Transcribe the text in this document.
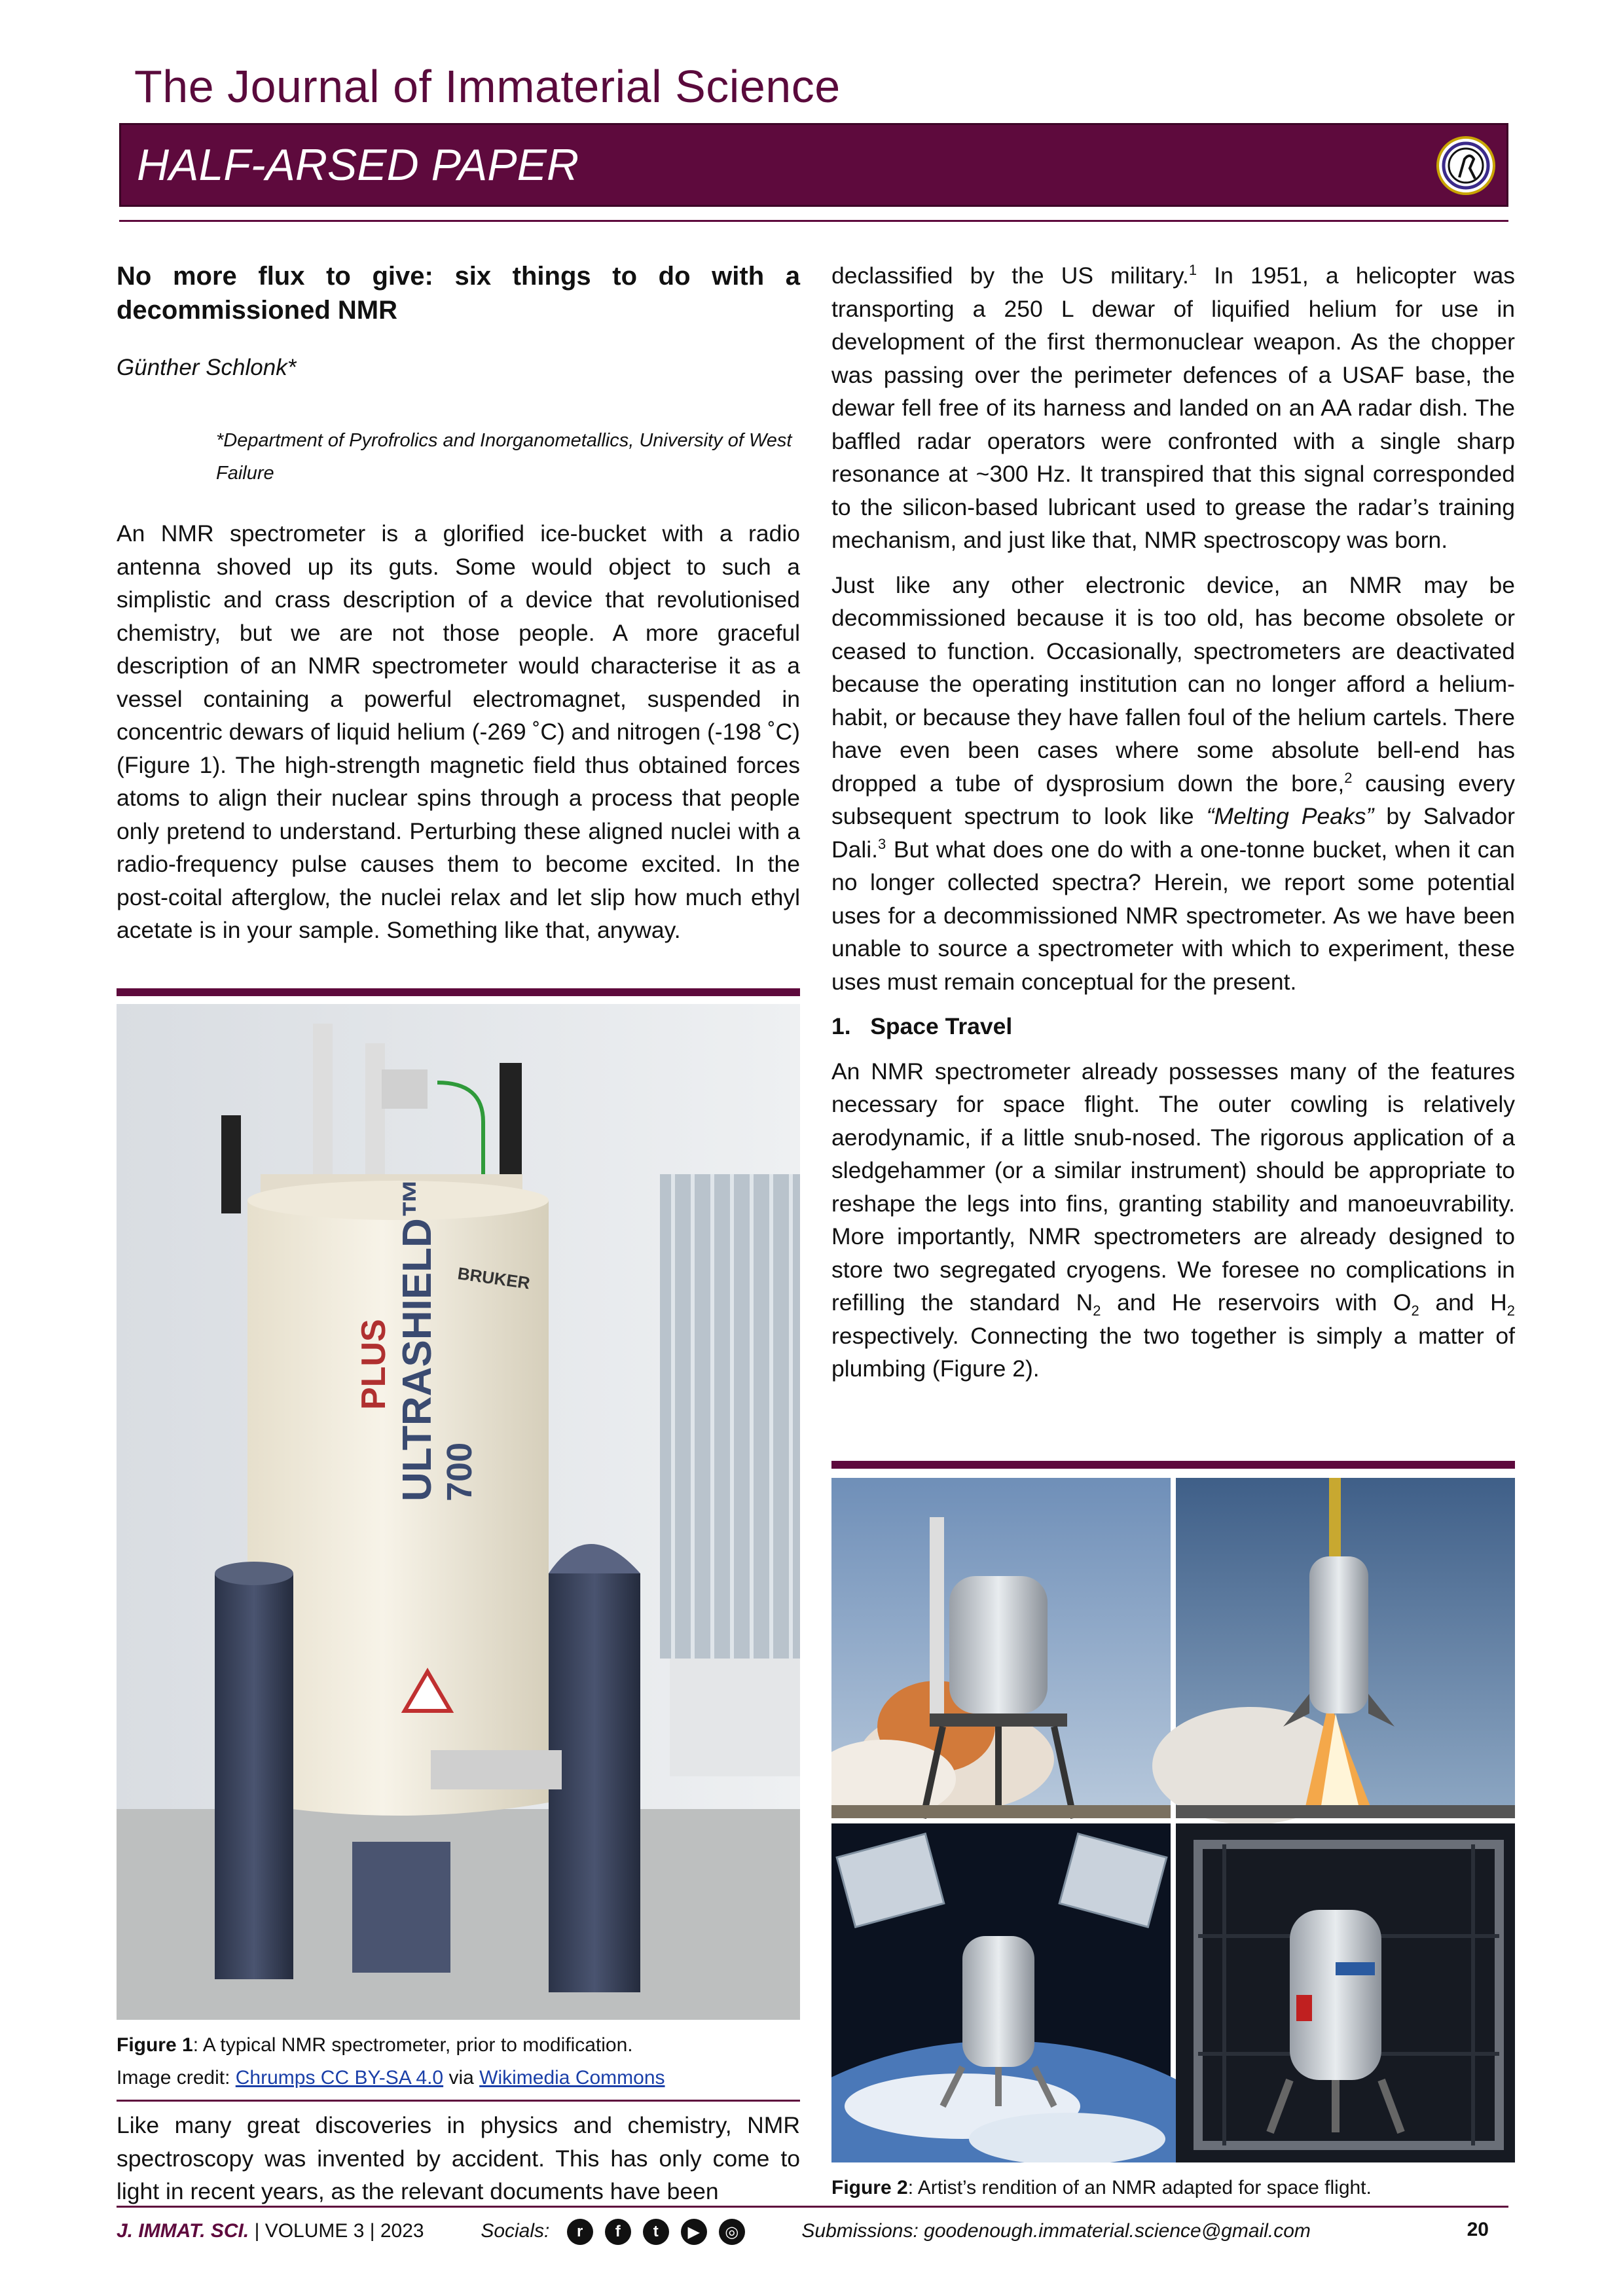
The Journal of Immaterial Science
HALF-ARSED PAPER
No more flux to give: six things to do with a decommissioned NMR
Günther Schlonk*
*Department of Pyrofrolics and Inorganometallics, University of West Failure

An NMR spectrometer is a glorified ice-bucket with a radio antenna shoved up its guts. Some would object to such a simplistic and crass description of a device that revolutionised chemistry, but we are not those people. A more graceful description of an NMR spectrometer would characterise it as a vessel containing a powerful electromagnet, suspended in concentric dewars of liquid helium (-269 ˚C) and nitrogen (-198 ˚C) (Figure 1). The high-strength magnetic field thus obtained forces atoms to align their nuclear spins through a process that people only pretend to understand. Perturbing these aligned nuclei with a radio-frequency pulse causes them to become excited. In the post-coital afterglow, the nuclei relax and let slip how much ethyl acetate is in your sample. Something like that, anyway.

ULTRASHIELD™ 700
PLUS
BRUKER
Figure 1: A typical NMR spectrometer, prior to modification.
Image credit: Chrumps CC BY-SA 4.0 via Wikimedia Commons

Like many great discoveries in physics and chemistry, NMR spectroscopy was invented by accident. This has only come to light in recent years, as the relevant documents have been

declassified by the US military.$^1$ In 1951, a helicopter was transporting a 250 L dewar of liquified helium for use in development of the first thermonuclear weapon. As the chopper was passing over the perimeter defences of a USAF base, the dewar fell free of its harness and landed on an AA radar dish. The baffled radar operators were confronted with a single sharp resonance at ~300 Hz. It transpired that this signal corresponded to the silicon-based lubricant used to grease the radar’s training mechanism, and just like that, NMR spectroscopy was born.

Just like any other electronic device, an NMR may be decommissioned because it is too old, has become obsolete or ceased to function. Occasionally, spectrometers are deactivated because the operating institution can no longer afford a helium-habit, or because they have fallen foul of the helium cartels. There have even been cases where some absolute bell-end has dropped a tube of dysprosium down the bore,$^2$ causing every subsequent spectrum to look like “Melting Peaks” by Salvador Dali.$^3$ But what does one do with a one-tonne bucket, when it can no longer collected spectra? Herein, we report some potential uses for a decommissioned NMR spectrometer. As we have been unable to source a spectrometer with which to experiment, these uses must remain conceptual for the present.

1.   Space Travel

An NMR spectrometer already possesses many of the features necessary for space flight. The outer cowling is relatively aerodynamic, if a little snub-nosed. The rigorous application of a sledgehammer (or a similar instrument) should be appropriate to reshape the legs into fins, granting stability and manoeuvrability. More importantly, NMR spectrometers are already designed to store two segregated cryogens. We foresee no complications in refilling the standard $N_2$ and He reservoirs with $O_2$ and $H_2$ respectively. Connecting the two together is simply a matter of plumbing (Figure 2).

Figure 2: Artist’s rendition of an NMR adapted for space flight.
J. IMMAT. SCI. | VOLUME 3 | 2023	Socials:	r	f	t	▶	◎	Submissions: goodenough.immaterial.science@gmail.com	20
